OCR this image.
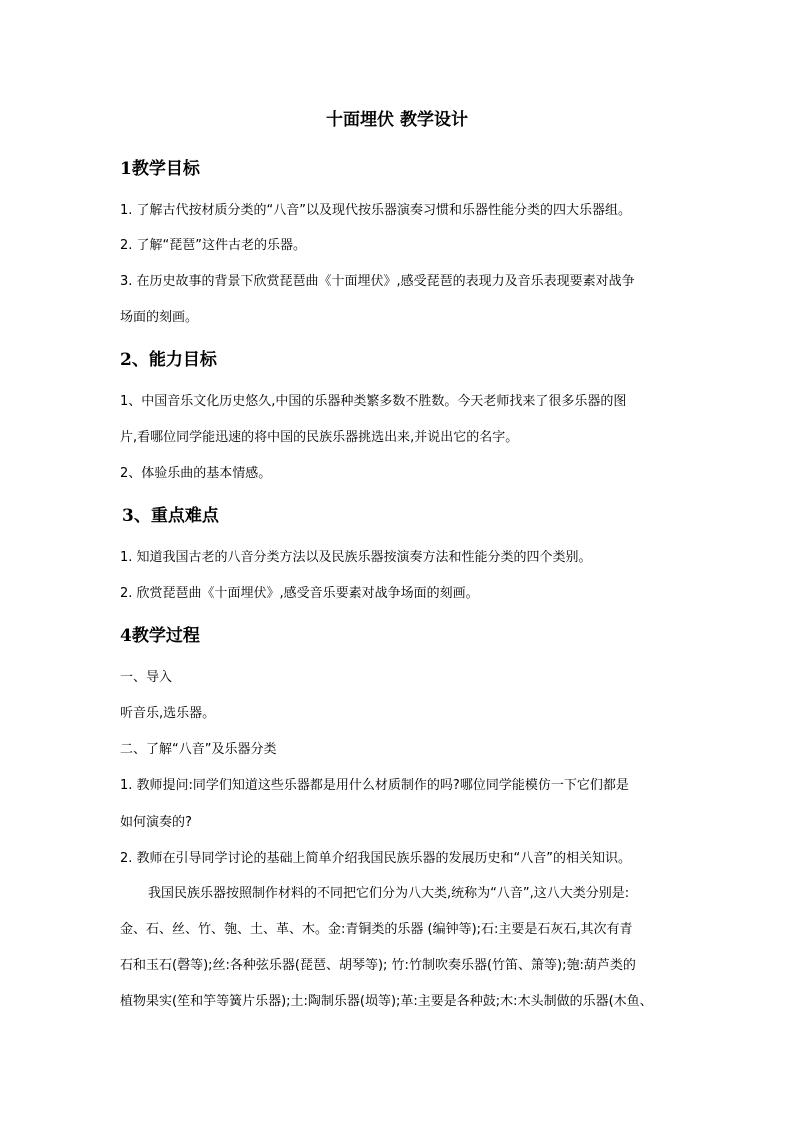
十面埋伏 教学设计
1教学目标
1. 了解古代按材质分类的“八音”以及现代按乐器演奏习惯和乐器性能分类的四大乐器组。
2. 了解“琵琶”这件古老的乐器。
3. 在历史故事的背景下欣赏琵琶曲《十面埋伏》,感受琵琶的表现力及音乐表现要素对战争
场面的刻画。
2、能力目标
1、中国音乐文化历史悠久,中国的乐器种类繁多数不胜数。今天老师找来了很多乐器的图
片,看哪位同学能迅速的将中国的民族乐器挑选出来,并说出它的名字。
2、体验乐曲的基本情感。
3、重点难点
1. 知道我国古老的八音分类方法以及民族乐器按演奏方法和性能分类的四个类别。
2. 欣赏琵琶曲《十面埋伏》,感受音乐要素对战争场面的刻画。
4教学过程
一、导入
听音乐,选乐器。
二、了解“八音”及乐器分类
1. 教师提问:同学们知道这些乐器都是用什么材质制作的吗?哪位同学能模仿一下它们都是
如何演奏的?
2. 教师在引导同学讨论的基础上简单介绍我国民族乐器的发展历史和“八音”的相关知识。
我国民族乐器按照制作材料的不同把它们分为八大类,统称为“八音”,这八大类分别是:
金、石、丝、竹、匏、土、革、木。金:青铜类的乐器 (编钟等);石:主要是石灰石,其次有青
石和玉石(磬等);丝:各种弦乐器(琵琶、胡琴等); 竹:竹制吹奏乐器(竹笛、箫等);匏:葫芦类的
植物果实(笙和竽等簧片乐器);土:陶制乐器(埙等);革:主要是各种鼓;木:木头制做的乐器(木鱼、
